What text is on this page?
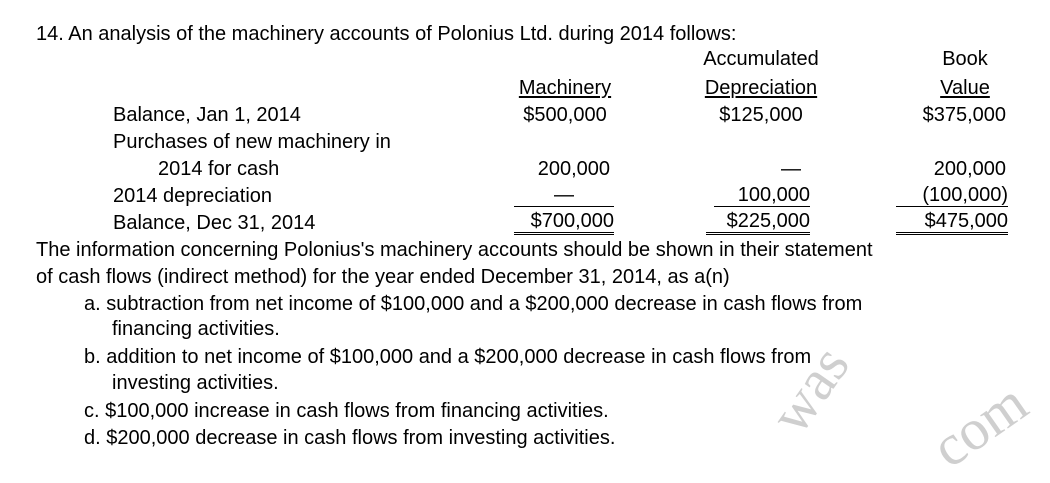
was com
14. An analysis of the machinery accounts of Polonius Ltd. during 2014 follows:
Accumulated	Book
Machinery	Depreciation	Value
Balance, Jan 1, 2014	$500,000	$125,000	$375,000
Purchases of new machinery in
2014 for cash	200,000	—	200,000
2014 depreciation	—	100,000	(100,000)
Balance, Dec 31, 2014	$700,000	$225,000	$475,000
The information concerning Polonius's machinery accounts should be shown in their statement
of cash flows (indirect method) for the year ended December 31, 2014, as a(n)
a. subtraction from net income of $100,000 and a $200,000 decrease in cash flows from
financing activities.
b. addition to net income of $100,000 and a $200,000 decrease in cash flows from
investing activities.
c. $100,000 increase in cash flows from financing activities.
d. $200,000 decrease in cash flows from investing activities.
